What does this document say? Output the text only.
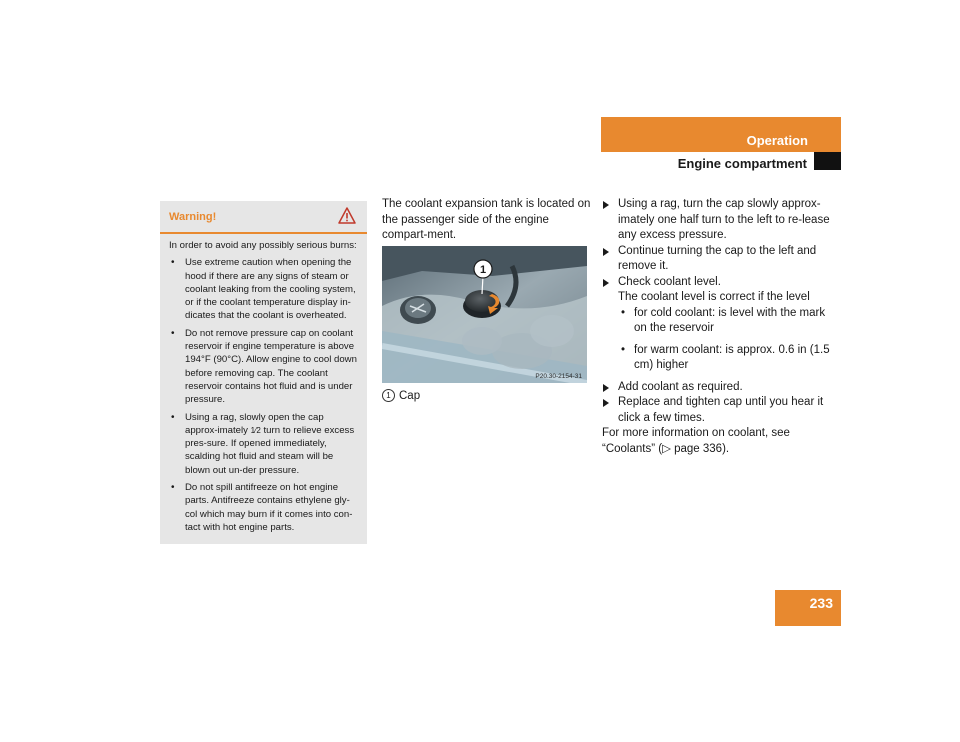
Operation
Engine compartment
Warning!

In order to avoid any possibly serious burns:

• Use extreme caution when opening the hood if there are any signs of steam or coolant leaking from the cooling system, or if the coolant temperature display in-dicates that the coolant is overheated.
• Do not remove pressure cap on coolant reservoir if engine temperature is above 194°F (90°C). Allow engine to cool down before removing cap. The coolant reservoir contains hot fluid and is under pressure.
• Using a rag, slowly open the cap approx-imately 1⁄2 turn to relieve excess pres-sure. If opened immediately, scalding hot fluid and steam will be blown out un-der pressure.
• Do not spill antifreeze on hot engine parts. Antifreeze contains ethylene gly-col which may burn if it comes into con-tact with hot engine parts.

The coolant expansion tank is located on the passenger side of the engine compart-ment.

1
P20.30-2154-31
1 Cap

Using a rag, turn the cap slowly approx-imately one half turn to the left to re-lease any excess pressure.

Continue turning the cap to the left and remove it.

Check coolant level.

The coolant level is correct if the level

• for cold coolant: is level with the mark on the reservoir
• for warm coolant: is approx. 0.6 in (1.5 cm) higher

Add coolant as required.

Replace and tighten cap until you hear it click a few times.

For more information on coolant, see “Coolants” (▷ page 336).

233
